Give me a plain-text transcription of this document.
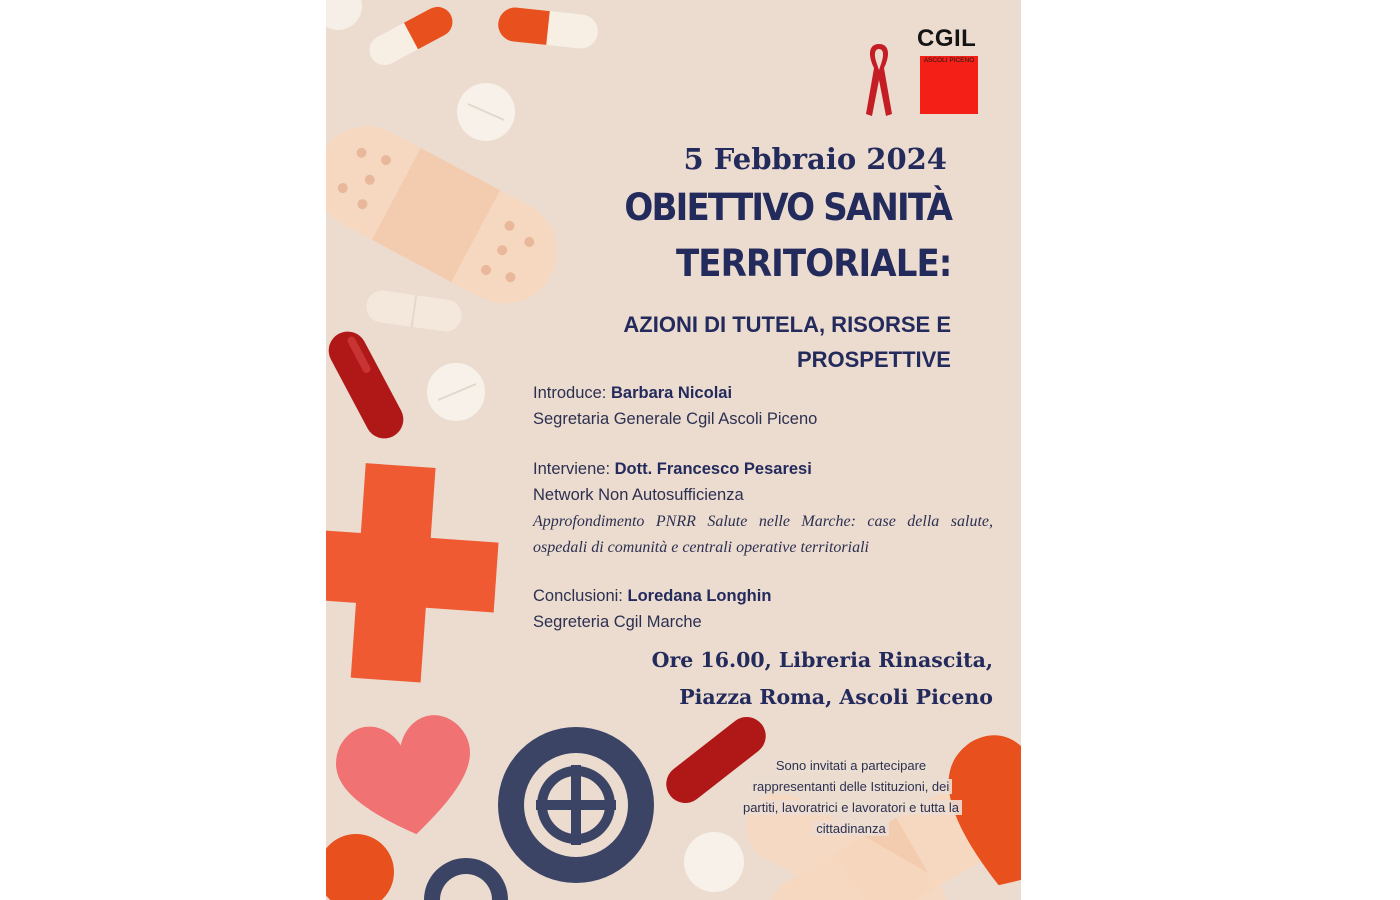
CGIL
ASCOLI PICENO
5 Febbraio 2024
OBIETTIVO SANITÀ
TERRITORIALE:
AZIONI DI TUTELA, RISORSE E
PROSPETTIVE
Introduce: Barbara Nicolai
Segretaria Generale Cgil Ascoli Piceno
Interviene: Dott. Francesco Pesaresi
Network Non Autosufficienza
Approfondimento PNRR Salute nelle Marche: case della salute, ospedali di comunità e centrali operative territoriali
Conclusioni: Loredana Longhin
Segreteria Cgil Marche
Ore 16.00, Libreria Rinascita,
Piazza Roma, Ascoli Piceno
Sono invitati a partecipare
rappresentanti delle Istituzioni, dei
partiti, lavoratrici e lavoratori e tutta la
cittadinanza
